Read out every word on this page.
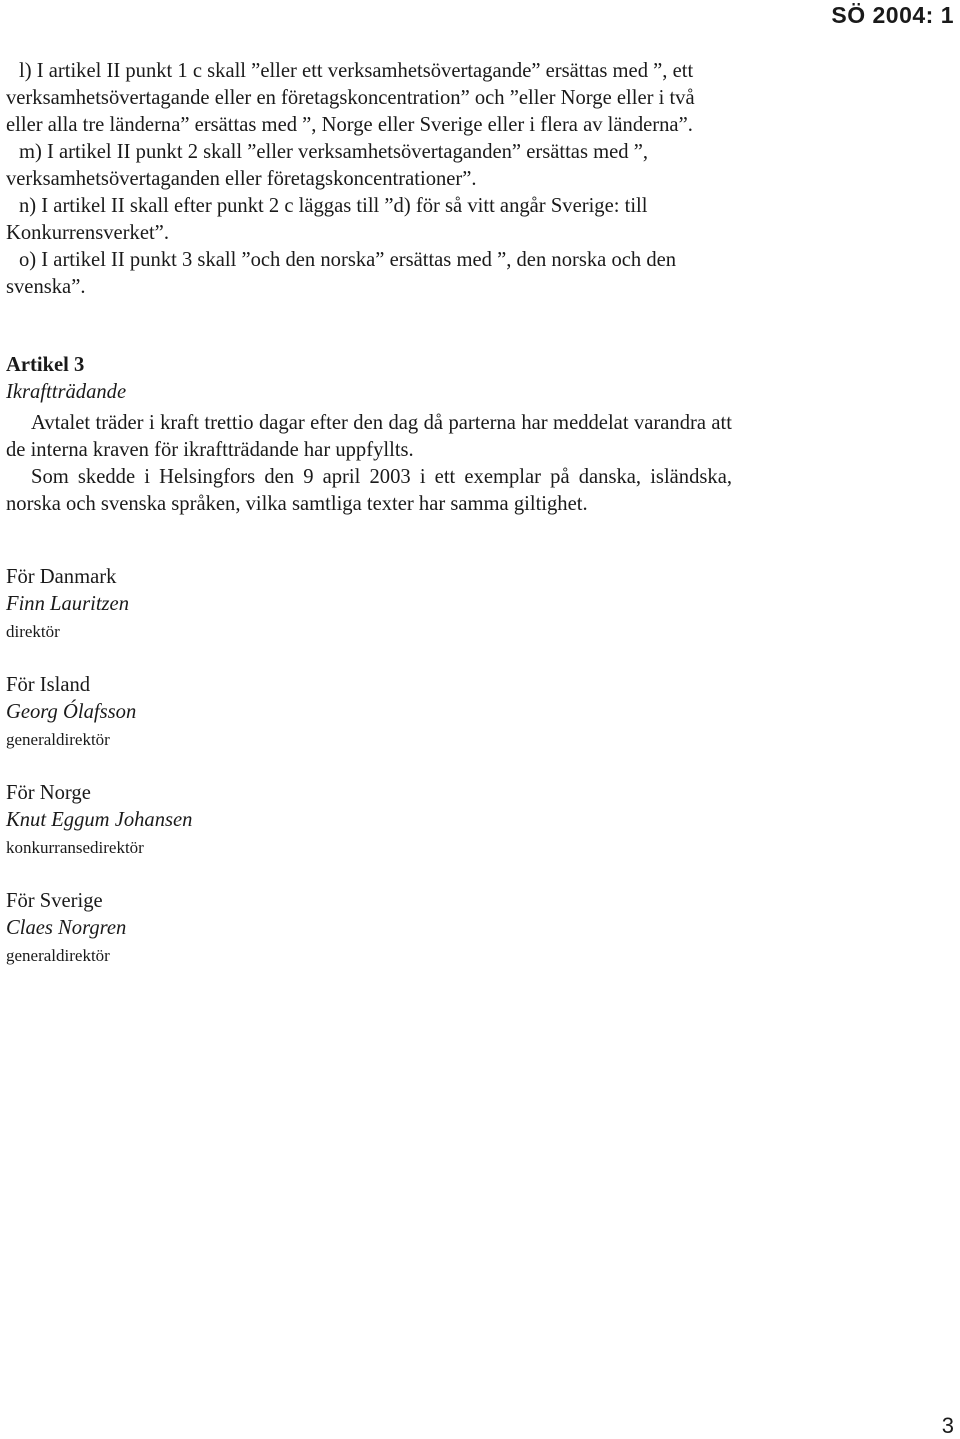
SÖ 2004: 1

l) I artikel II punkt 1 c skall ”eller ett verksamhetsövertagande” ersättas med ”, ett verksamhetsövertagande eller en företagskoncentration” och ”eller Norge eller i två eller alla tre länderna” ersättas med ”, Norge eller Sverige eller i flera av länderna”.

m) I artikel II punkt 2 skall ”eller verksamhetsövertaganden” ersättas med ”, verksamhetsövertaganden eller företagskoncentrationer”.

n) I artikel II skall efter punkt 2 c läggas till ”d) för så vitt angår Sverige: till Konkurrensverket”.

o) I artikel II punkt 3 skall ”och den norska” ersättas med ”, den norska och den svenska”.

Artikel 3
Ikraftträdande

Avtalet träder i kraft trettio dagar efter den dag då parterna har meddelat varandra att de interna kraven för ikraftträdande har uppfyllts.

Som skedde i Helsingfors den 9 april 2003 i ett exemplar på danska, isländska, norska och svenska språken, vilka samtliga texter har samma giltighet.

För Danmark
Finn Lauritzen
direktör
För Island
Georg Ólafsson
generaldirektör
För Norge
Knut Eggum Johansen
konkurransedirektör
För Sverige
Claes Norgren
generaldirektör
3
